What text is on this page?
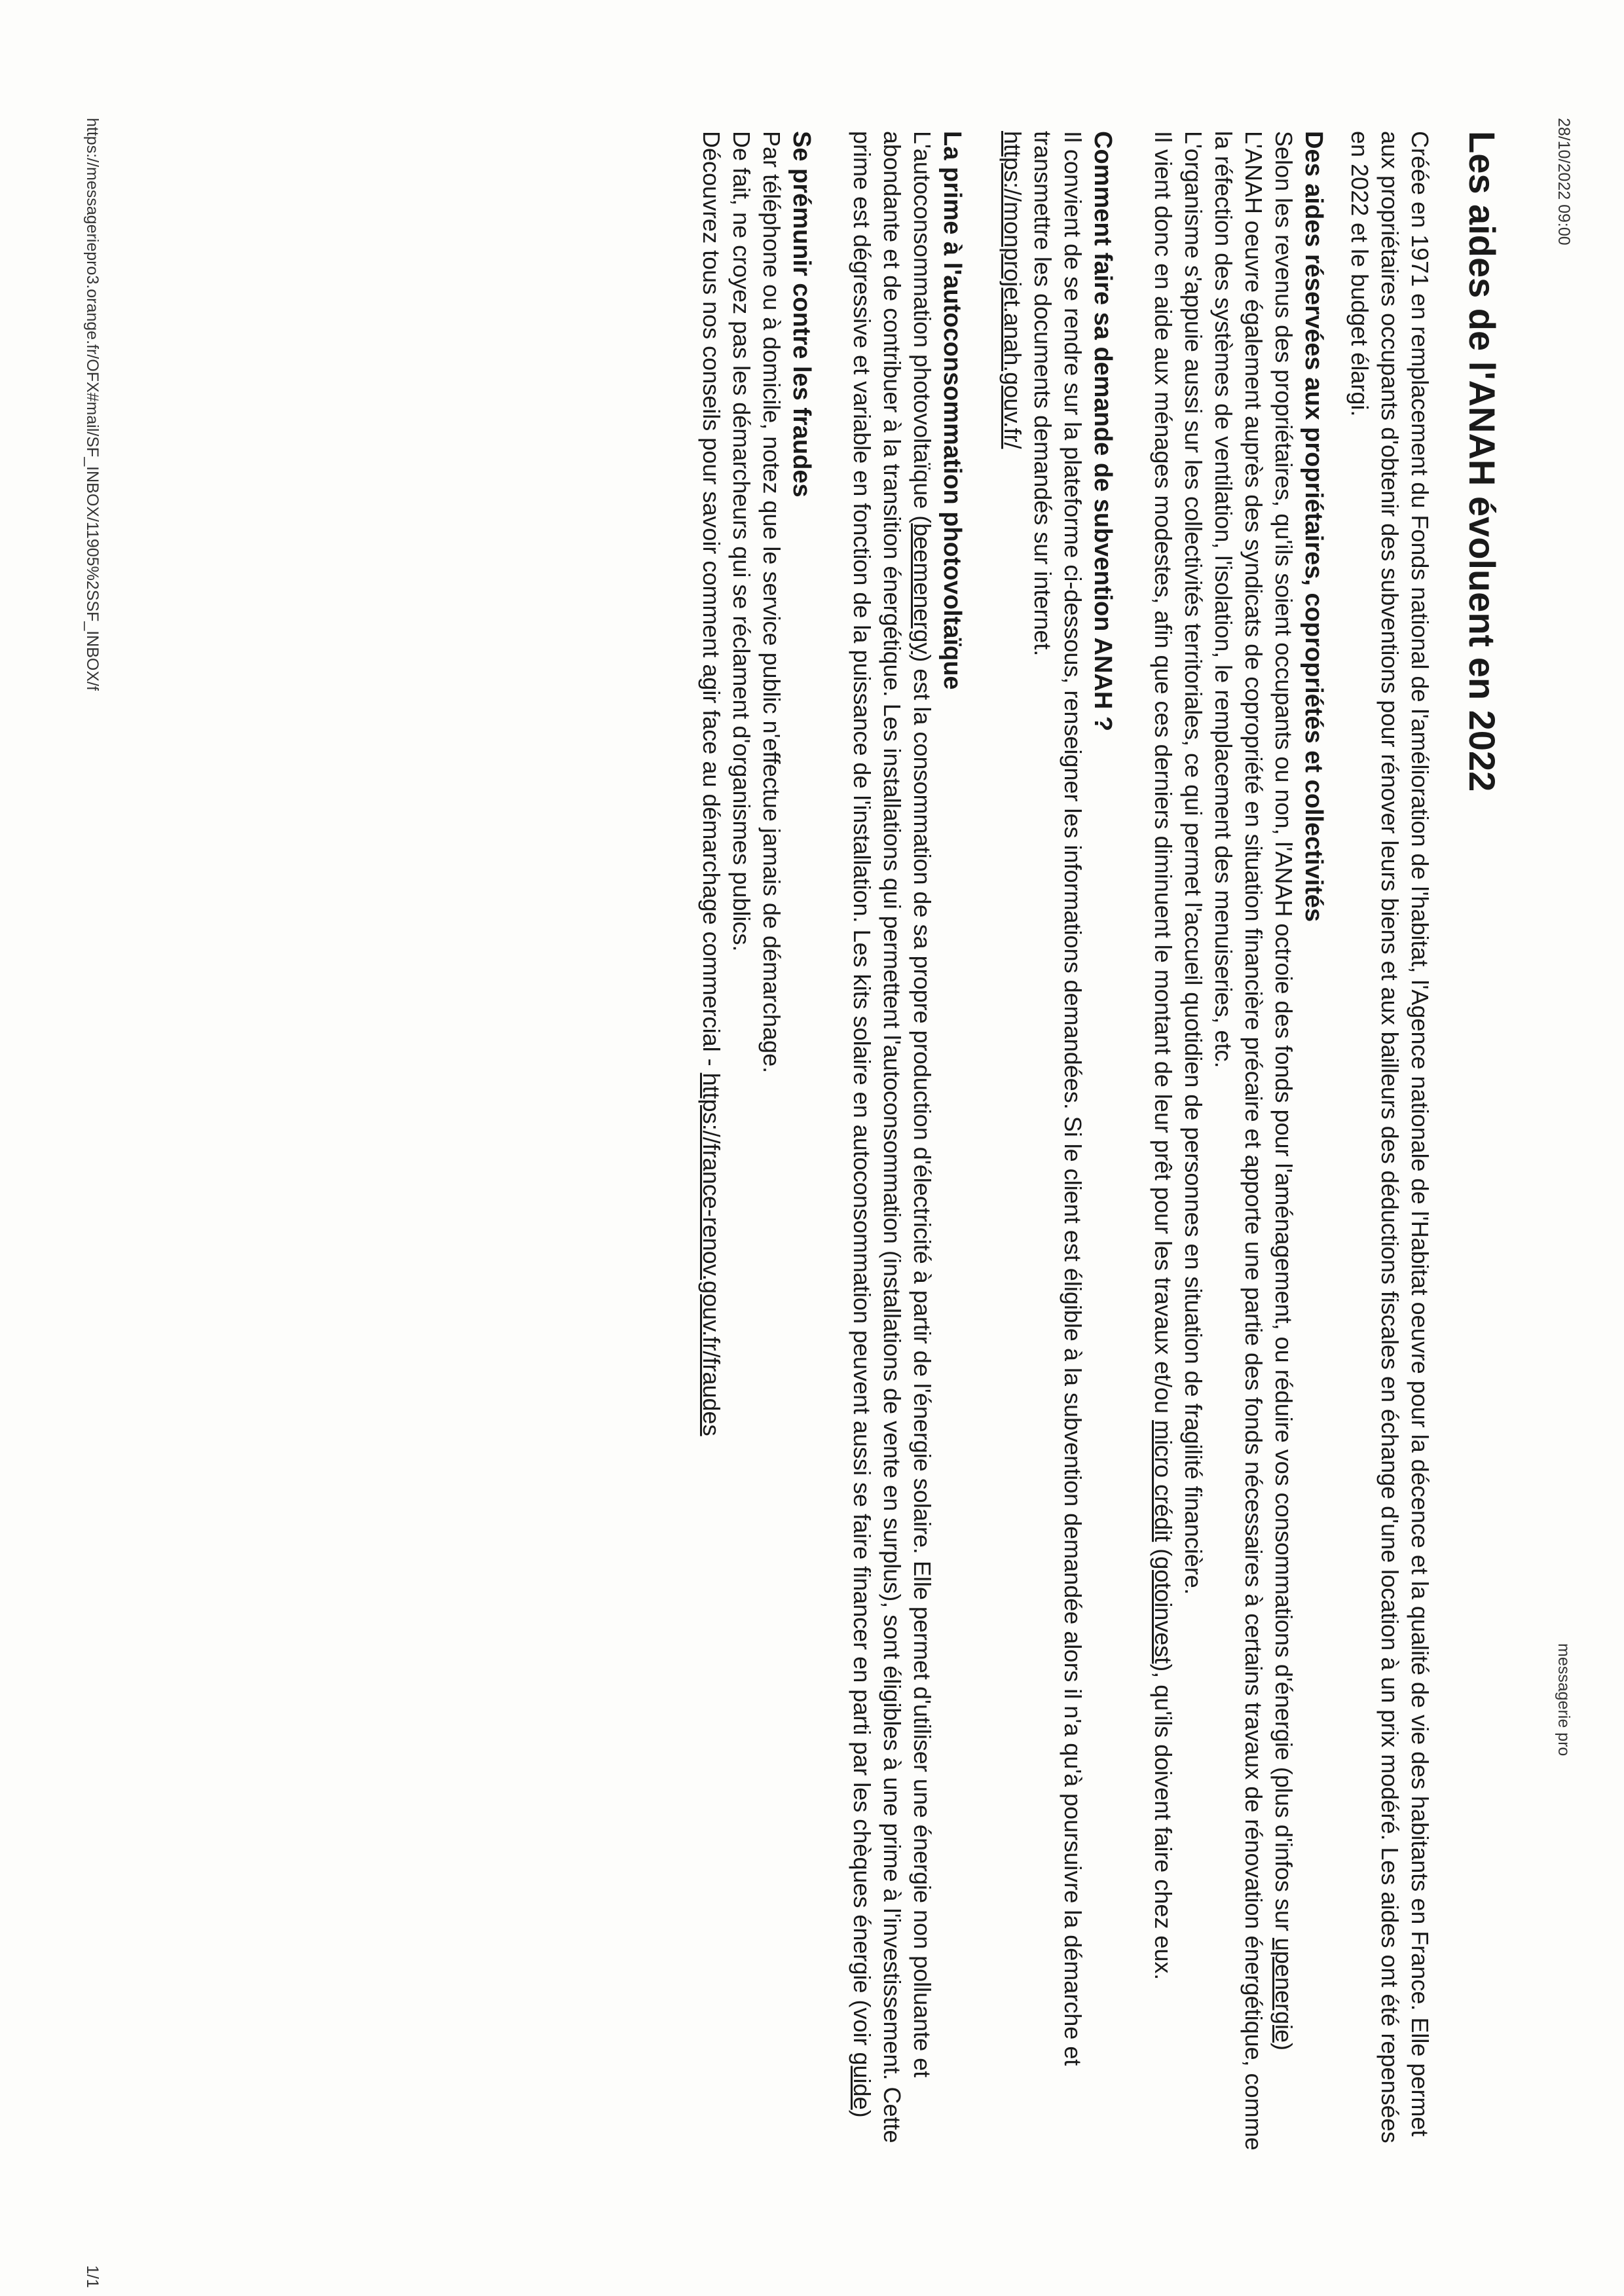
28/10/2022 09:00
messagerie pro
Les aides de l'ANAH évoluent en 2022

Créée en 1971 en remplacement du Fonds national de l'amélioration de l'habitat, l'Agence nationale de l'Habitat oeuvre pour la décence et la qualité de vie des habitants en France. Elle permet aux propriétaires occupants d'obtenir des subventions pour rénover leurs biens et aux bailleurs des déductions fiscales en échange d'une location à un prix modéré. Les aides ont été repensées en 2022 et le budget élargi.

Des aides réservées aux propriétaires, copropriétés et collectivités

Selon les revenus des propriétaires, qu'ils soient occupants ou non, l'ANAH octroie des fonds pour l'aménagement, ou réduire vos consommations d'énergie (plus d'infos sur upenergie)

L'ANAH oeuvre également auprès des syndicats de copropriété en situation financière précaire et apporte une partie des fonds nécessaires à certains travaux de rénovation énergétique, comme la réfection des systèmes de ventilation, l'isolation, le remplacement des menuiseries, etc.

L'organisme s'appuie aussi sur les collectivités territoriales, ce qui permet l'accueil quotidien de personnes en situation de fragilité financière.

Il vient donc en aide aux ménages modestes, afin que ces derniers diminuent le montant de leur prêt pour les travaux et/ou micro crédit (gotoinvest), qu'ils doivent faire chez eux.

Comment faire sa demande de subvention ANAH ?

Il convient de se rendre sur la plateforme ci-dessous, renseigner les informations demandées. Si le client est éligible à la subvention demandée alors il n'a qu'à poursuivre la démarche et transmettre les documents demandés sur internet.

https://monprojet.anah.gouv.fr/

La prime à l'autoconsommation photovoltaïque

L'autoconsommation photovoltaïque (beemenergy) est la consommation de sa propre production d'électricité à partir de l'énergie solaire. Elle permet d'utiliser une énergie non polluante et abondante et de contribuer à la transition énergétique. Les installations qui permettent l'autoconsommation (installations de vente en surplus), sont éligibles à une prime à l'investissement. Cette prime est dégressive et variable en fonction de la puissance de l'installation. Les kits solaire en autoconsommation peuvent aussi se faire financer en parti par les chèques énergie (voir guide)

Se prémunir contre les fraudes

Par téléphone ou à domicile, notez que le service public n'effectue jamais de démarchage.

De fait, ne croyez pas les démarcheurs qui se réclament d'organismes publics.

Découvrez tous nos conseils pour savoir comment agir face au démarchage commercial - https://france-renov.gouv.fr/fraudes

https://messageriepro3.orange.fr/OFX#mail/SF_INBOX/11905%2SSF_INBOX/f
1/1
